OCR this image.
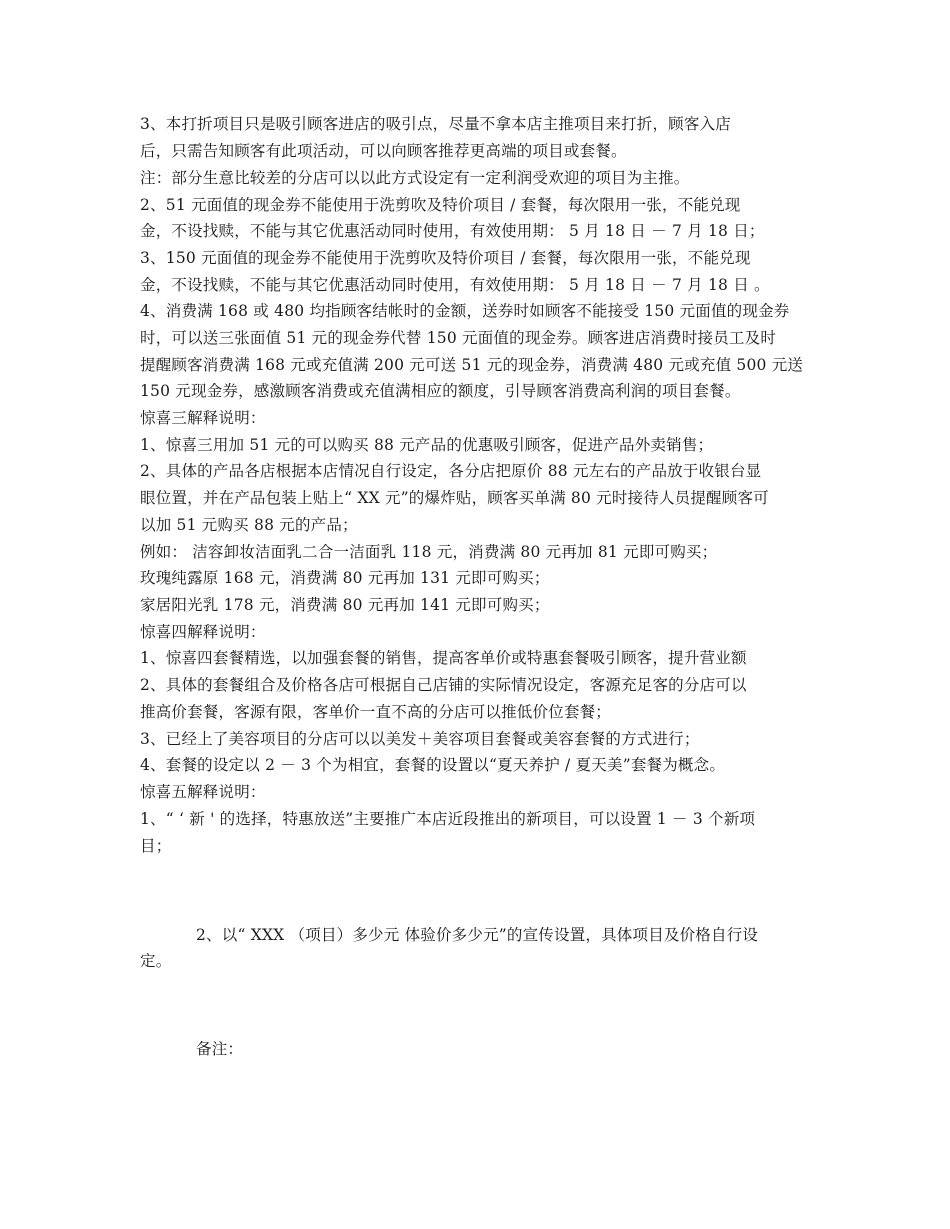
3、本打折项目只是吸引顾客进店的吸引点，尽量不拿本店主推项目来打折，顾客入店
后，只需告知顾客有此项活动，可以向顾客推荐更高端的项目或套餐。
注：部分生意比较差的分店可以以此方式设定有一定利润受欢迎的项目为主推。
2、51 元面值的现金券不能使用于洗剪吹及特价项目 / 套餐，每次限用一张，不能兑现
金，不设找赎，不能与其它优惠活动同时使用，有效使用期： 5 月 18 日 － 7 月 18 日；
3、150 元面值的现金券不能使用于洗剪吹及特价项目 / 套餐，每次限用一张，不能兑现
金，不设找赎，不能与其它优惠活动同时使用，有效使用期： 5 月 18 日 － 7 月 18 日 。
4、消费满 168 或 480 均指顾客结帐时的金额，送券时如顾客不能接受 150 元面值的现金券
时，可以送三张面值 51 元的现金券代替 150 元面值的现金券。顾客进店消费时接员工及时
提醒顾客消费满 168 元或充值满 200 元可送 51 元的现金券，消费满 480 元或充值 500 元送
150 元现金券，感激顾客消费或充值满相应的额度，引导顾客消费高利润的项目套餐。
惊喜三解释说明：
1、惊喜三用加 51 元的可以购买 88 元产品的优惠吸引顾客，促进产品外卖销售；
2、具体的产品各店根据本店情况自行设定，各分店把原价 88 元左右的产品放于收银台显
眼位置，并在产品包装上贴上“ XX 元”的爆炸贴，顾客买单满 80 元时接待人员提醒顾客可
以加 51 元购买 88 元的产品；
例如： 洁容卸妆洁面乳二合一洁面乳 118 元，消费满 80 元再加 81 元即可购买；
玫瑰纯露原 168 元，消费满 80 元再加 131 元即可购买；
家居阳光乳 178 元，消费满 80 元再加 141 元即可购买；
惊喜四解释说明：
1、惊喜四套餐精选，以加强套餐的销售，提高客单价或特惠套餐吸引顾客，提升营业额
2、具体的套餐组合及价格各店可根据自己店铺的实际情况设定，客源充足客的分店可以
推高价套餐，客源有限，客单价一直不高的分店可以推低价位套餐；
3、已经上了美容项目的分店可以以美发＋美容项目套餐或美容套餐的方式进行；
4、套餐的设定以 2 － 3 个为相宜，套餐的设置以“夏天养护 / 夏天美”套餐为概念。
惊喜五解释说明：
1、“ ‘ 新 ' 的选择，特惠放送”主要推广本店近段推出的新项目，可以设置 1 － 3 个新项
目；
2、以“ XXX （项目）多少元 体验价多少元”的宣传设置，具体项目及价格自行设
定。
备注：
